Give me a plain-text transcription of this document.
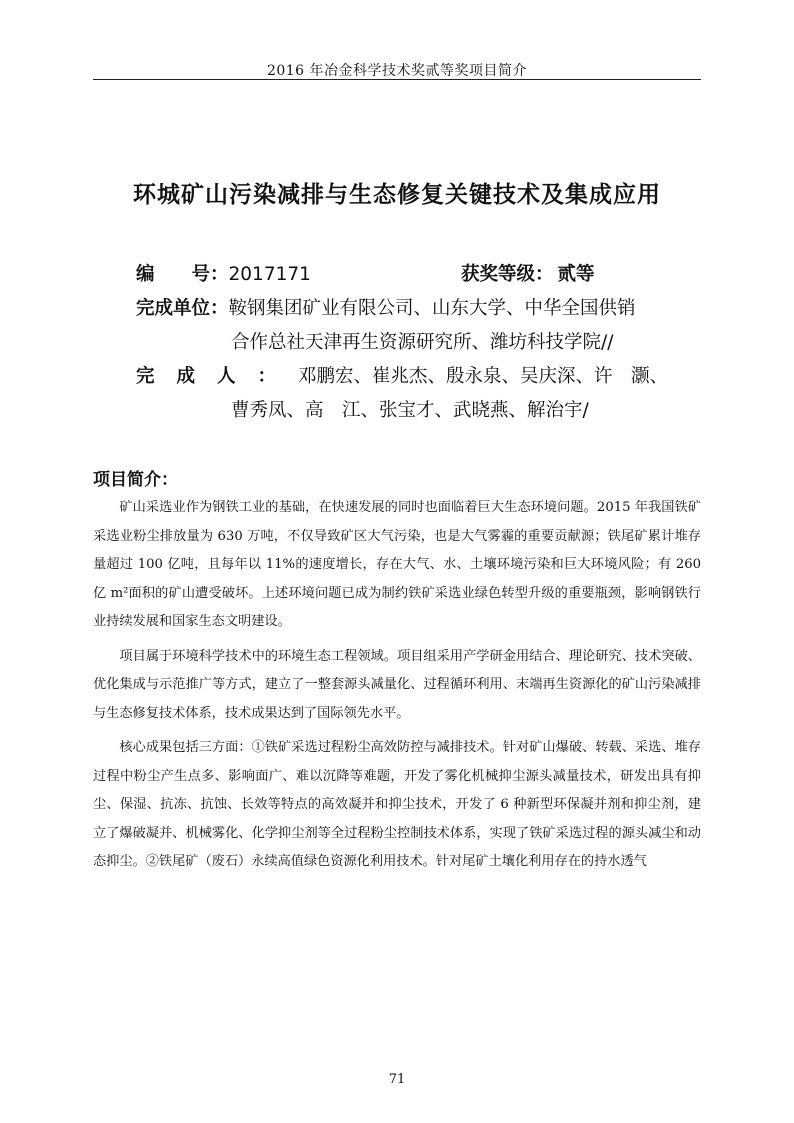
2016 年冶金科学技术奖贰等奖项目简介
环城矿山污染减排与生态修复关键技术及集成应用
编　　号：2017171	获奖等级： 贰等
完成单位：鞍钢集团矿业有限公司、山东大学、中华全国供销
合作总社天津再生资源研究所、潍坊科技学院//
完成人：邓鹏宏、崔兆杰、殷永泉、吴庆深、许　灏、
曹秀凤、高　江、张宝才、武晓燕、解治宇/
项目简介：

矿山采选业作为钢铁工业的基础，在快速发展的同时也面临着巨大生态环境问题。2015 年我国铁矿采选业粉尘排放量为 630 万吨，不仅导致矿区大气污染，也是大气雾霾的重要贡献源；铁尾矿累计堆存量超过 100 亿吨，且每年以 11%的速度增长，存在大气、水、土壤环境污染和巨大环境风险；有 260 亿 m²面积的矿山遭受破坏。上述环境问题已成为制约铁矿采选业绿色转型升级的重要瓶颈，影响钢铁行业持续发展和国家生态文明建设。

项目属于环境科学技术中的环境生态工程领域。项目组采用产学研金用结合、理论研究、技术突破、优化集成与示范推广等方式，建立了一整套源头减量化、过程循环利用、末端再生资源化的矿山污染减排与生态修复技术体系，技术成果达到了国际领先水平。

核心成果包括三方面：①铁矿采选过程粉尘高效防控与减排技术。针对矿山爆破、转载、采选、堆存过程中粉尘产生点多、影响面广、难以沉降等难题，开发了雾化机械抑尘源头减量技术，研发出具有抑尘、保湿、抗冻、抗蚀、长效等特点的高效凝并和抑尘技术，开发了 6 种新型环保凝并剂和抑尘剂，建立了爆破凝并、机械雾化、化学抑尘剂等全过程粉尘控制技术体系，实现了铁矿采选过程的源头减尘和动态抑尘。②铁尾矿（废石）永续高值绿色资源化利用技术。针对尾矿土壤化利用存在的持水透气

71
